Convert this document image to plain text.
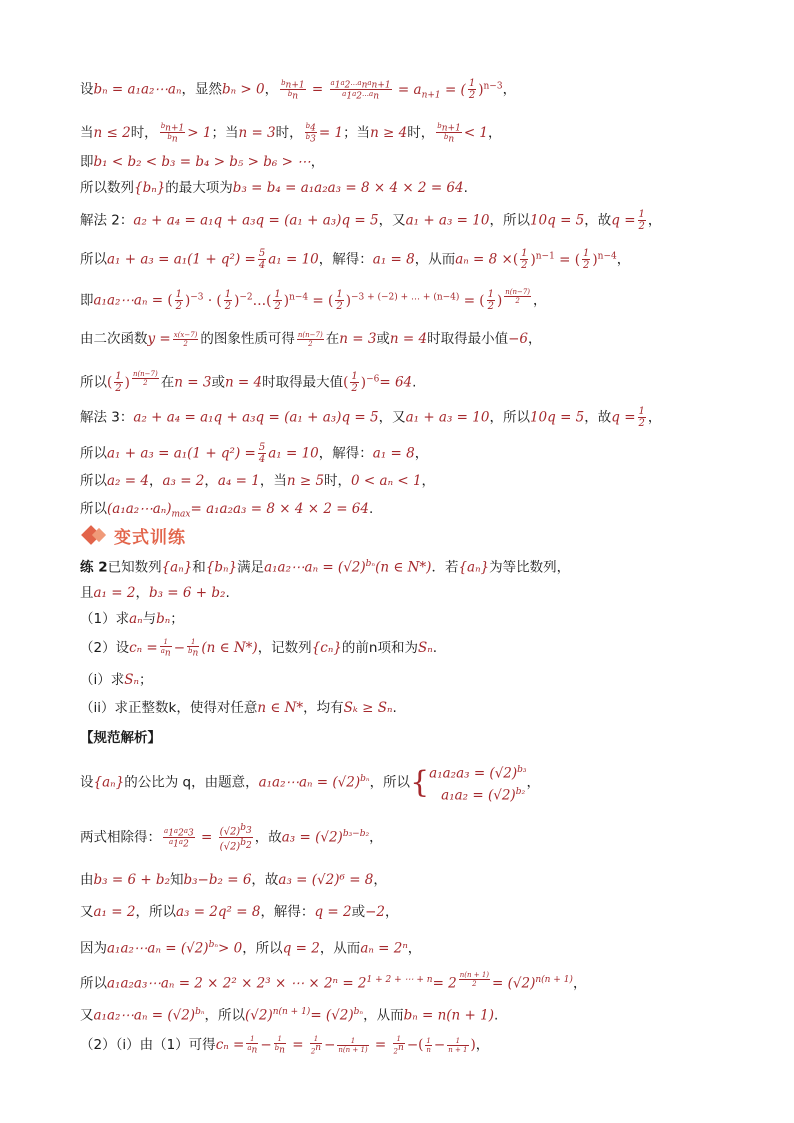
设bₙ = a₁a₂⋯aₙ，显然bₙ > 0， $\frac{b_{n+1}}{b_n} = \frac{a_1a_2\dots a_na_{n+1}}{a_1a_2\dots a_n} = a_{n+1}$ = ( $\frac{1}{2} )^{n-3}$，
当n ≤ 2时， $\frac{b_{n+1}}{b_n} > 1$；当n = 3时， $\frac{b_4}{b_3} = 1$；当n ≥ 4时， $\frac{b_{n+1}}{b_n} < 1$，
即b₁ < b₂ < b₃ = b₄ > b₅ > b₆ > ⋯，
所以数列{bₙ}的最大项为b₃ = b₄ = a₁a₂a₃ = 8 × 4 × 2 = 64.
解法 2：a₂ + a₄ = a₁q + a₃q = (a₁ + a₃)q = 5，又a₁ + a₃ = 10，所以10q = 5，故$q = \frac{1}{2}$ ，
所以$a_1 + a_3 = a_1(1 + q^2) = \frac{5}{4} a_1 = 10$，解得：a₁ = 8，从而aₙ = 8 ×( $\frac{1}{2} )^{n-1}$ = ( $\frac{1}{2} )^{n-4}$，
即a₁a₂⋯aₙ = ( $\frac{1}{2} )^{-3}$ · ( $\frac{1}{2}$ )$^{-2}$…( $\frac{1}{2} )^{n-4}$ = ( $\frac{1}{2} )^{-3 + (-2) + \dots + (n-4)}$ = ( $\frac{1}{2}$ ) $^{\frac{n(n-7)}{2}}$ ，
由二次函数$y = \frac{x(x-7)}{2}$ 的图象性质可得 $\frac{n(n-7)}{2}$ 在n = 3或n = 4时取得最小值−6，
所以( $\frac{1}{2}$ ) $^{\frac{n(n-7)}{2}}$ 在n = 3或n = 4时取得最大值( $\frac{1}{2} )^{-6}= 64$.
解法 3：a₂ + a₄ = a₁q + a₃q = (a₁ + a₃)q = 5，又a₁ + a₃ = 10，所以10q = 5，故$q = \frac{1}{2}$ ，
所以$a_1 + a_3 = a_1(1 + q^2) = \frac{5}{4} a_1 = 10$，解得：a₁ = 8，
所以a₂ = 4，a₃ = 2，a₄ = 1，当n ≥ 5时，0 < aₙ < 1，
所以$(a_1a_2\cdots a_n)_{max}= a_1a_2a_3 = 8 \times 4 \times 2 = 64$.
变式训练
练 2已知数列{aₙ}和{bₙ}满足a₁a₂⋯aₙ = $(√2)^{b_n}(n$ ∈ N*)．若{aₙ}为等比数列，
且a₁ = 2，b₃ = 6 + b₂.
（1）求aₙ与bₙ；
（2）设$c_n = \frac{1}{a_n} - \frac{1}{b_n} (n$ ∈ N*)，记数列{cₙ}的前n项和为Sₙ.
（i）求Sₙ；
（ii）求正整数k，使得对任意n ∈ N*，均有Sₖ ≥ Sₙ.
【规范解析】
设{aₙ}的公比为 q，由题意，a₁a₂⋯aₙ = $(√2)^{b_n}$，所以{ $a_1a_2a_3 = (√2)^{b_3}$
$a_1a_2 = (√2)^{b_2}$
，
两式相除得： $\frac{a_1a_2a_3}{a_1a_2} = \frac{(√2)^{b_3}}{(√2)^{b_2}}$ ，故$a_3 = (√2)^{b_3-b_2}$，
由b₃ = 6 + b₂知b₃−b₂ = 6，故a₃ = (√2)⁶ = 8，
又a₁ = 2，所以a₃ = 2q² = 8，解得：q = 2或−2，
因为a₁a₂⋯aₙ = $(√2)^{b_n}> 0$，所以q = 2，从而aₙ = 2ⁿ，
所以a₁a₂a₃⋯aₙ = 2 × 2² × 2³ × ⋯ × $2^n = 2^{1 + 2 + \cdots + n}= 2$ $^{\frac{n(n + 1)}{2}} = (√2)^{n(n + 1)}$，
又a₁a₂⋯aₙ = $(√2)^{b_n}$，所以$(√2)^{n(n + 1)}= (√2)^{b_n}$，从而bₙ = n(n + 1).
（2）（i）由（1）可得$c_n = \frac{1}{a_n} - \frac{1}{b_n} = \frac{1}{2^n} - \frac{1}{n(n + 1)} = \frac{1}{2^n}$ −( $\frac{1}{n} - \frac{1}{n + 1}$ )，
